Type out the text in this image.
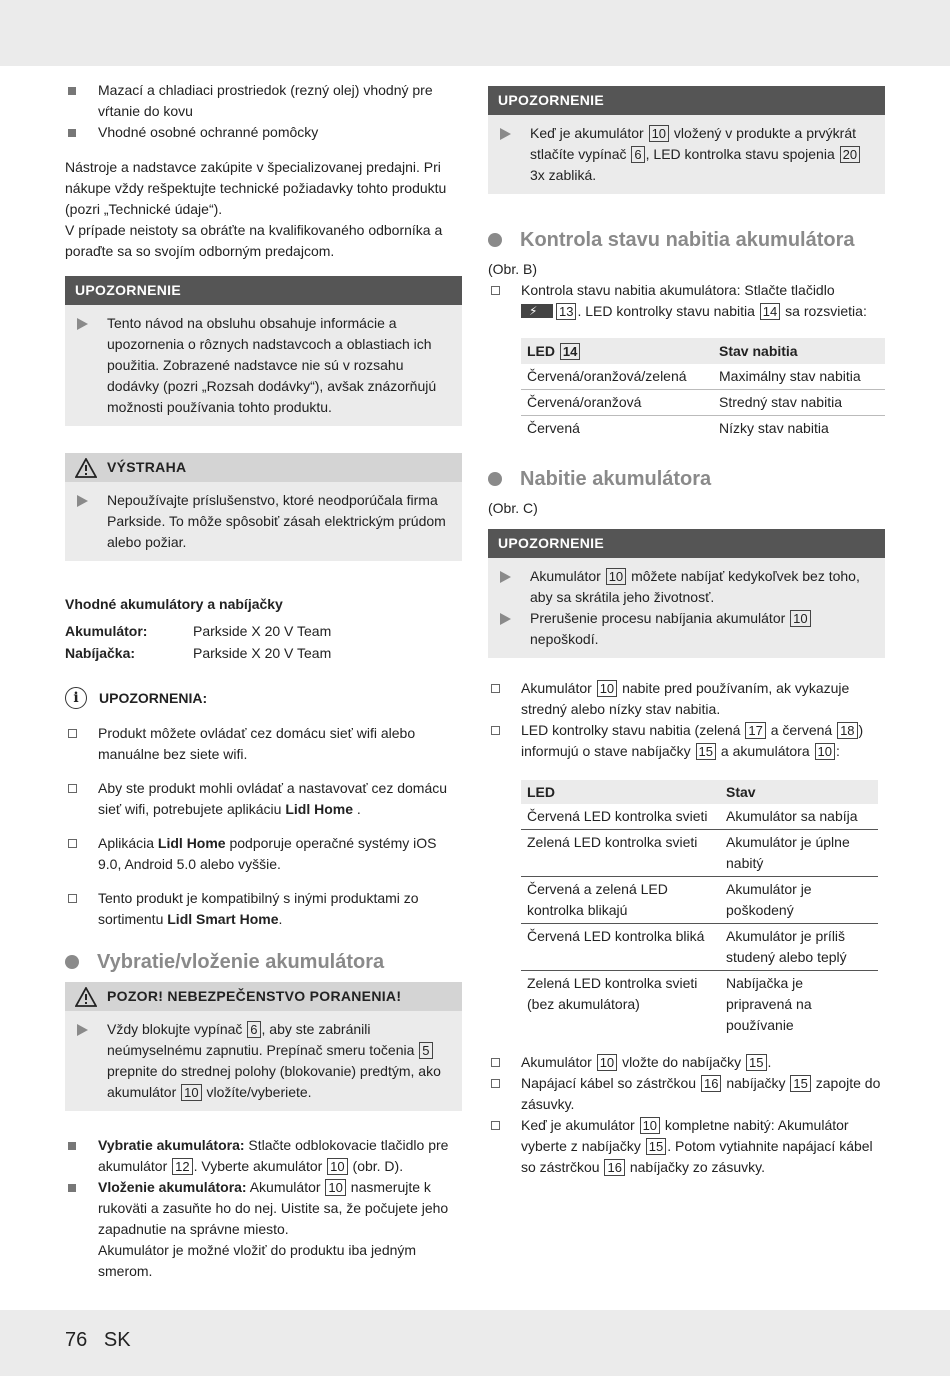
Mazací a chladiaci prostriedok (rezný olej) vhodný pre vŕtanie do kovu
Vhodné osobné ochranné pomôcky

Nástroje a nadstavce zakúpite v špecializovanej predajni. Pri nákupe vždy rešpektujte technické požiadavky tohto produktu (pozri „Technické údaje“).

V prípade neistoty sa obráťte na kvalifikovaného odborníka a poraďte sa so svojím odborným predajcom.

UPOZORNENIE
Tento návod na obsluhu obsahuje informácie a upozornenia o rôznych nadstavcoch a oblastiach ich použitia. Zobrazené nadstavce nie sú v rozsahu dodávky (pozri „Rozsah dodávky“), avšak znázorňujú možnosti používania tohto produktu.
VÝSTRAHA
Nepoužívajte príslušenstvo, ktoré neodporúčala firma Parkside. To môže spôsobiť zásah elektrickým prúdom alebo požiar.

Vhodné akumulátory a nabíjačky

Akumulátor:	Parkside X 20 V Team
Nabíjačka:	Parkside X 20 V Team
i	UPOZORNENIA:
Produkt môžete ovládať cez domácu sieť wifi alebo manuálne bez siete wifi.
Aby ste produkt mohli ovládať a nastavovať cez domácu sieť wifi, potrebujete aplikáciu Lidl Home .
Aplikácia Lidl Home podporuje operačné systémy iOS 9.0, Android 5.0 alebo vyššie.
Tento produkt je kompatibilný s inými produktami zo sortimentu Lidl Smart Home.
Vybratie/vloženie akumulátora
POZOR! NEBEZPEČENSTVO PORANENIA!
Vždy blokujte vypínač 6 , aby ste zabránili neúmyselnému zapnutiu. Prepínač smeru točenia 5 prepnite do strednej polohy (blokovanie) predtým, ako akumulátor 10 vložíte/vyberiete.
Vybratie akumulátora: Stlačte odblokovacie tlačidlo pre akumulátor 12 . Vyberte akumulátor 10 (obr. D).
Vloženie akumulátora: Akumulátor 10 nasmerujte k rukoväti a zasuňte ho do nej. Uistite sa, že počujete jeho zapadnutie na správne miesto.
Akumulátor je možné vložiť do produktu iba jedným smerom.
UPOZORNENIE
Keď je akumulátor 10 vložený v produkte a prvýkrát stlačíte vypínač 6 , LED kontrolka stavu spojenia 20 3x zabliká.
Kontrola stavu nabitia akumulátora

(Obr. B)

Kontrola stavu nabitia akumulátora: Stlačte tlačidlo
⚡13 . LED kontrolky stavu nabitia 14 sa rozsvietia:
LED 14	Stav nabitia
Červená/oranžová/zelená	Maximálny stav nabitia
Červená/oranžová	Stredný stav nabitia
Červená	Nízky stav nabitia
Nabitie akumulátora

(Obr. C)

UPOZORNENIE
Akumulátor 10 môžete nabíjať kedykoľvek bez toho, aby sa skrátila jeho životnosť.
Prerušenie procesu nabíjania akumulátor 10 nepoškodí.
Akumulátor 10 nabite pred používaním, ak vykazuje stredný alebo nízky stav nabitia.
LED kontrolky stavu nabitia (zelená 17 a červená 18 ) informujú o stave nabíjačky 15 a akumulátora 10 :
LED	Stav
Červená LED kontrolka svieti	Akumulátor sa nabíja
Zelená LED kontrolka svieti	Akumulátor je úplne nabitý
Červená a zelená LED kontrolka blikajú	Akumulátor je poškodený
Červená LED kontrolka bliká	Akumulátor je príliš studený alebo teplý
Zelená LED kontrolka svieti (bez akumulátora)	Nabíjačka je pripravená na používanie
Akumulátor 10 vložte do nabíjačky 15 .
Napájací kábel so zástrčkou 16 nabíjačky 15 zapojte do zásuvky.
Keď je akumulátor 10 kompletne nabitý: Akumulátor vyberte z nabíjačky 15 . Potom vytiahnite napájací kábel so zástrčkou 16 nabíjačky zo zásuvky.
76 SK
